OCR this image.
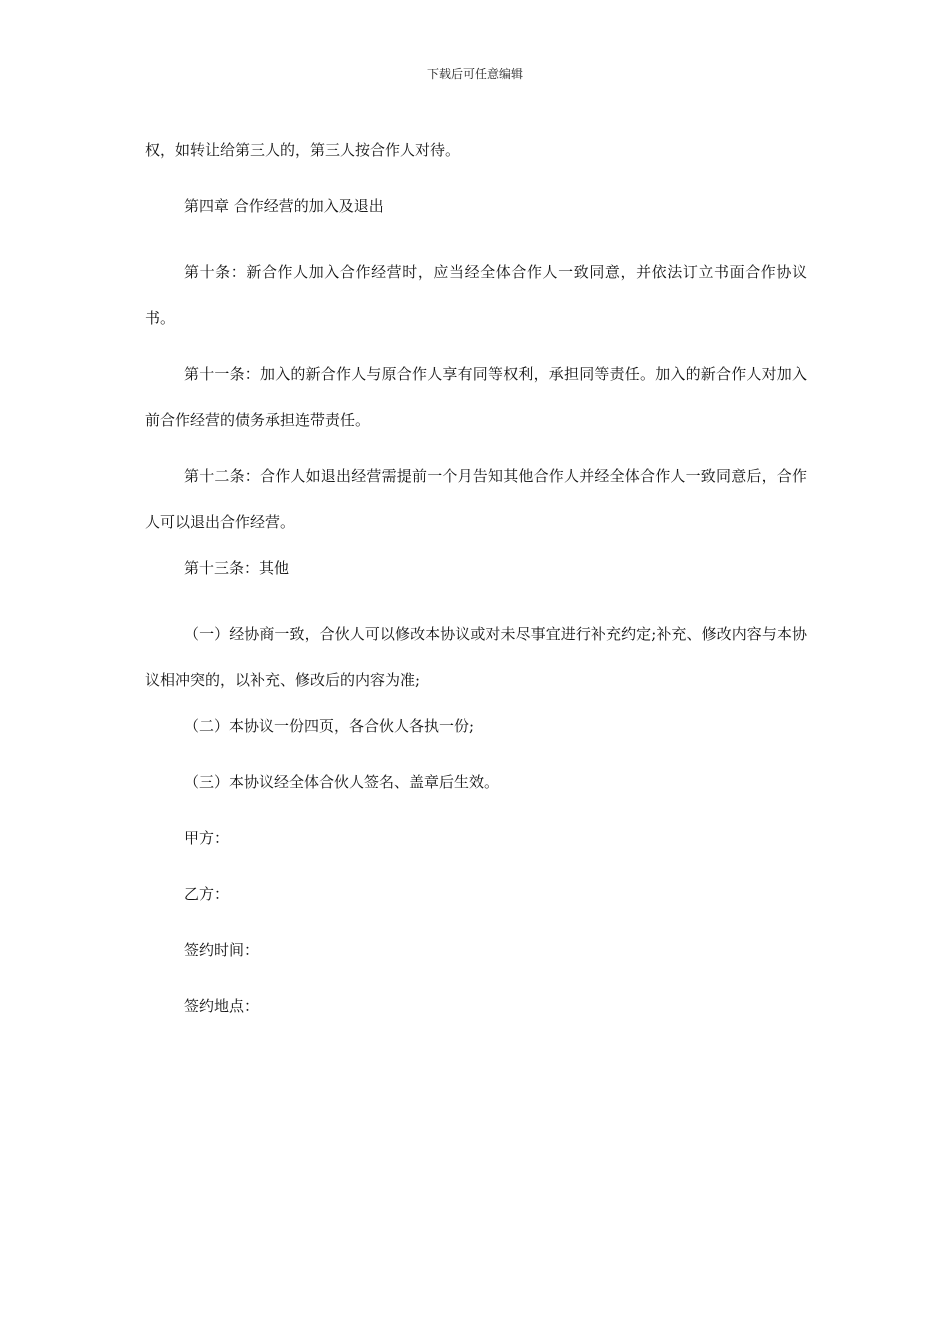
下载后可任意编辑

权，如转让给第三人的，第三人按合作人对待。

第四章 合作经营的加入及退出

第十条：新合作人加入合作经营时，应当经全体合作人一致同意，并依法订立书面合作协议书。

第十一条：加入的新合作人与原合作人享有同等权利，承担同等责任。加入的新合作人对加入前合作经营的债务承担连带责任。

第十二条：合作人如退出经营需提前一个月告知其他合作人并经全体合作人一致同意后，合作人可以退出合作经营。

第十三条：其他

（一）经协商一致，合伙人可以修改本协议或对未尽事宜进行补充约定;补充、修改内容与本协议相冲突的，以补充、修改后的内容为准;

（二）本协议一份四页，各合伙人各执一份;

（三）本协议经全体合伙人签名、盖章后生效。

甲方：

乙方：

签约时间：

签约地点：
